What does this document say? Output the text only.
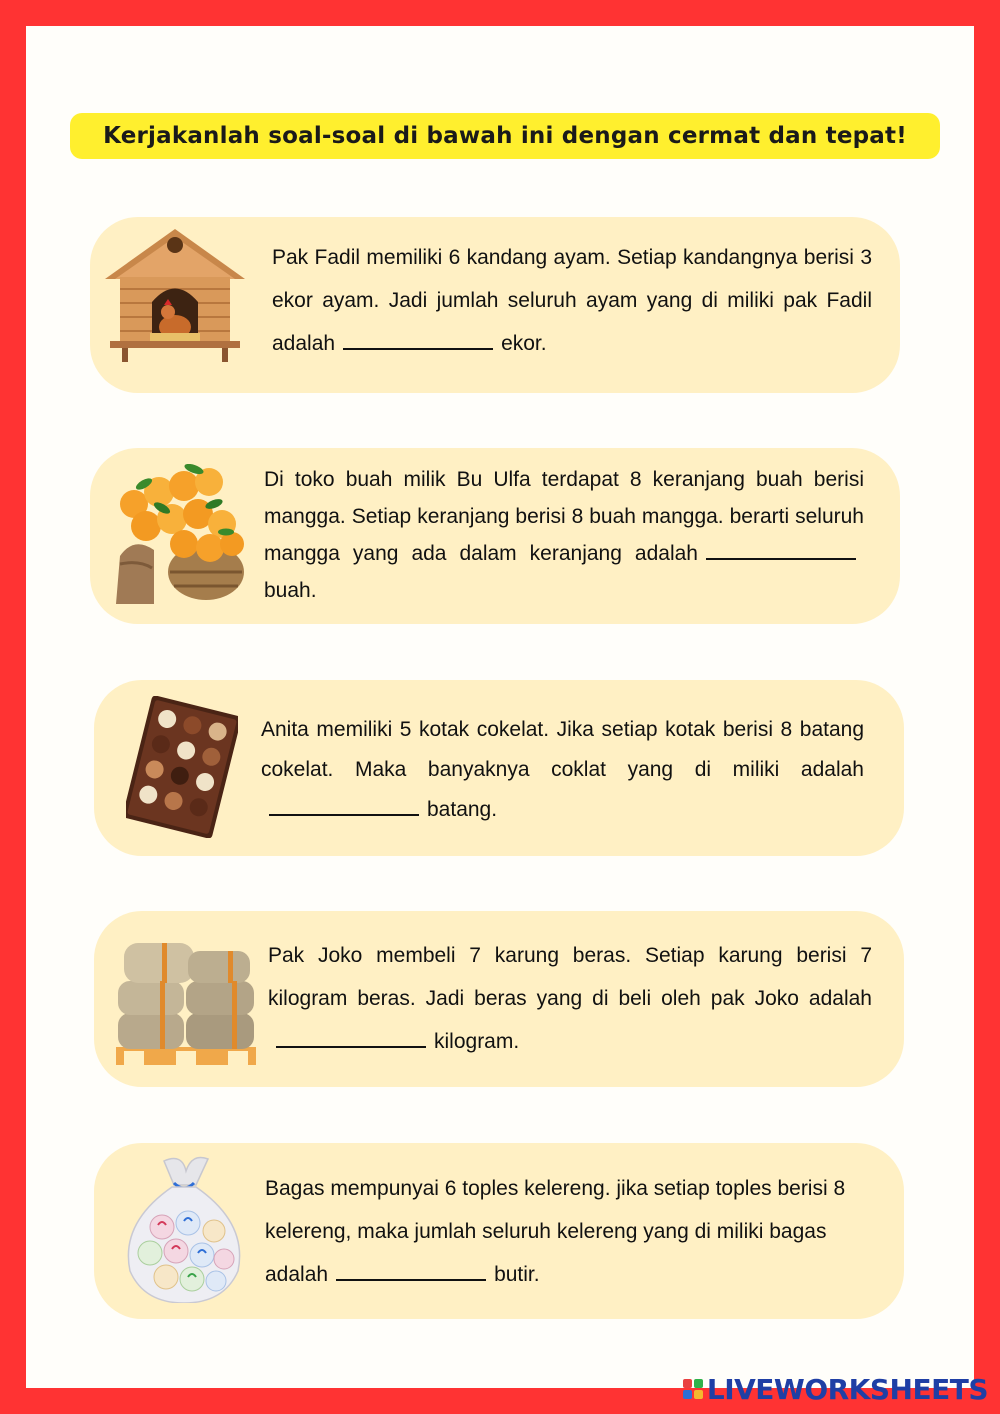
Kerjakanlah soal-soal di bawah ini dengan cermat dan tepat!
Pak Fadil memiliki 6 kandang ayam. Setiap kandangnya berisi 3 ekor ayam. Jadi jumlah seluruh ayam yang di miliki pak Fadil adalah	ekor.
Di toko buah milik Bu Ulfa terdapat 8 keranjang buah berisi mangga. Setiap keranjang berisi 8 buah mangga. berarti seluruh mangga yang ada dalam keranjang adalahbuah.
Anita memiliki 5 kotak cokelat. Jika setiap kotak berisi 8 batang cokelat. Maka banyaknya coklat yang di miliki adalahbatang.
Pak Joko membeli 7 karung beras. Setiap karung berisi 7 kilogram beras. Jadi beras yang di beli oleh pak Joko adalahkilogram.
Bagas mempunyai 6 toples kelereng. jika setiap toples berisi 8 kelereng, maka jumlah seluruh kelereng yang di miliki bagas adalah	butir.
LIVEWORKSHEETS
